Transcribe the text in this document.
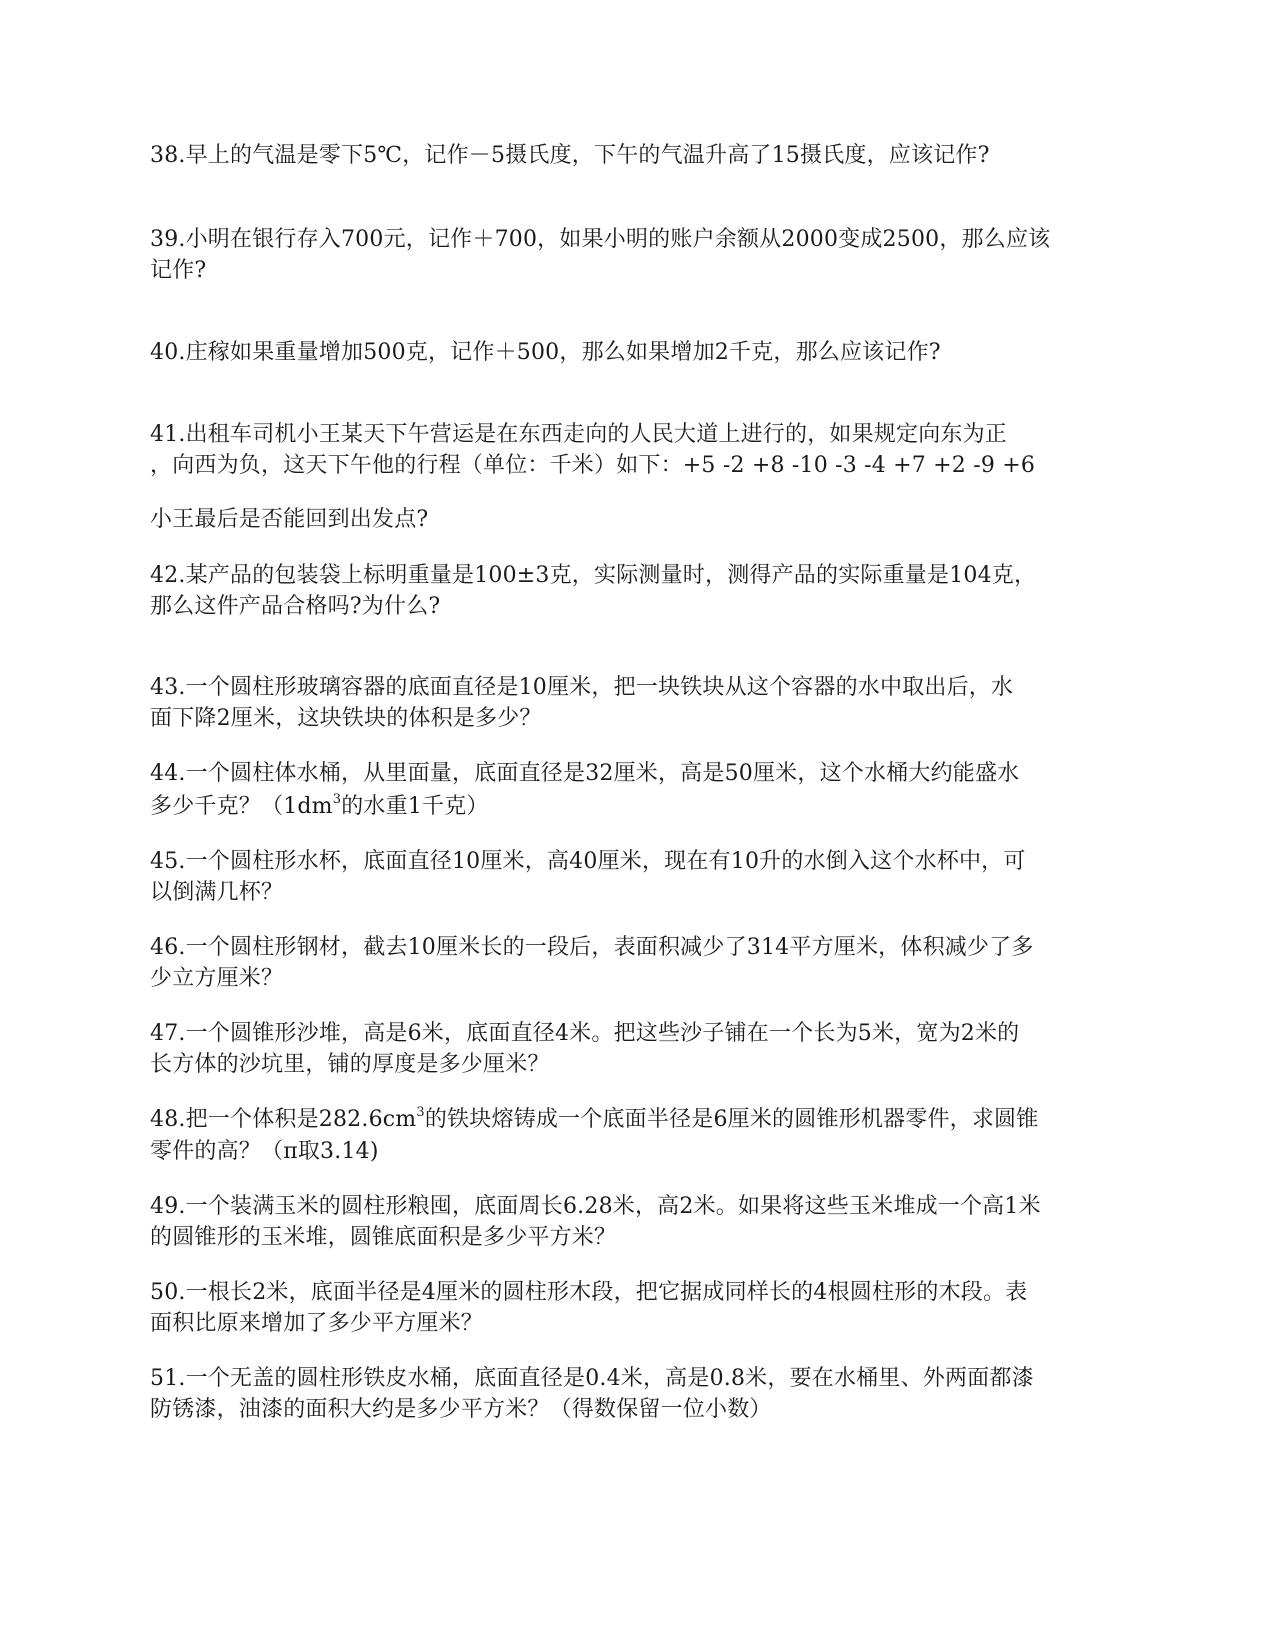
38.早上的气温是零下5℃，记作－5摄氏度，下午的气温升高了15摄氏度，应该记作?
39.小明在银行存入700元，记作＋700，如果小明的账户余额从2000变成2500，那么应该
记作?
40.庄稼如果重量增加500克，记作＋500，那么如果增加2千克，那么应该记作?
41.出租车司机小王某天下午营运是在东西走向的人民大道上进行的，如果规定向东为正
，向西为负，这天下午他的行程（单位：千米）如下：+5 -2 +8 -10 -3 -4 +7 +2 -9 +6
小王最后是否能回到出发点?
42.某产品的包装袋上标明重量是100±3克，实际测量时，测得产品的实际重量是104克，
那么这件产品合格吗?为什么?
43.一个圆柱形玻璃容器的底面直径是10厘米，把一块铁块从这个容器的水中取出后，水
面下降2厘米，这块铁块的体积是多少？
44.一个圆柱体水桶，从里面量，底面直径是32厘米，高是50厘米，这个水桶大约能盛水
多少千克？（$1dm^3$的水重1千克）
45.一个圆柱形水杯，底面直径10厘米，高40厘米，现在有10升的水倒入这个水杯中，可
以倒满几杯？
46.一个圆柱形钢材，截去10厘米长的一段后，表面积减少了314平方厘米，体积减少了多
少立方厘米？
47.一个圆锥形沙堆，高是6米，底面直径4米。把这些沙子铺在一个长为5米，宽为2米的
长方体的沙坑里，铺的厚度是多少厘米？
48.把一个体积是$282.6cm^3$的铁块熔铸成一个底面半径是6厘米的圆锥形机器零件，求圆锥
零件的高？（π取3.14)
49.一个装满玉米的圆柱形粮囤，底面周长6.28米，高2米。如果将这些玉米堆成一个高1米
的圆锥形的玉米堆，圆锥底面积是多少平方米？
50.一根长2米，底面半径是4厘米的圆柱形木段，把它据成同样长的4根圆柱形的木段。表
面积比原来增加了多少平方厘米？
51.一个无盖的圆柱形铁皮水桶，底面直径是0.4米，高是0.8米，要在水桶里、外两面都漆
防锈漆，油漆的面积大约是多少平方米？（得数保留一位小数）
